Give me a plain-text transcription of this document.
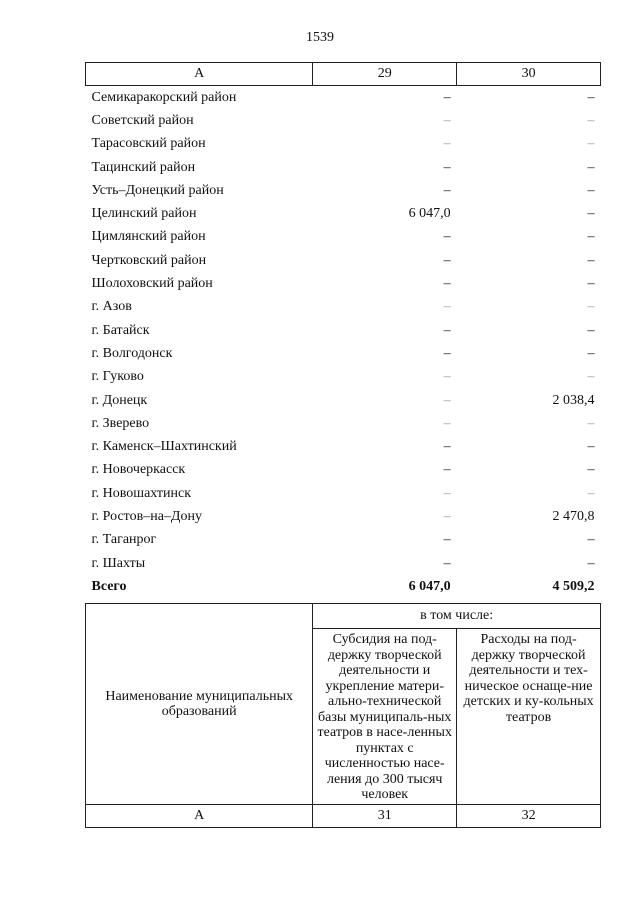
1539
А	29	30
Семикаракорский район	–	–
Советский район	–	–
Тарасовский район	–	–
Тацинский район	–	–
Усть–Донецкий район	–	–
Целинский район	6 047,0	–
Цимлянский район	–	–
Чертковский район	–	–
Шолоховский район	–	–
г. Азов	–	–
г. Батайск	–	–
г. Волгодонск	–	–
г. Гуково	–	–
г. Донецк	–	2 038,4
г. Зверево	–	–
г. Каменск–Шахтинский	–	–
г. Новочеркасск	–	–
г. Новошахтинск	–	–
г. Ростов–на–Дону	–	2 470,8
г. Таганрог	–	–
г. Шахты	–	–
Всего	6 047,0	4 509,2
Наименование муниципальных образований	в том числе:	
	Субсидия на под-держку творческой деятельности и укрепление матери-ально-технической базы муниципаль-ных театров в насе-ленных пунктах с численностью насе-ления до 300 тысяч человек	Расходы на под-держку творческой деятельности и тех-ническое оснаще-ние детских и ку-кольных театров
А	31	32
